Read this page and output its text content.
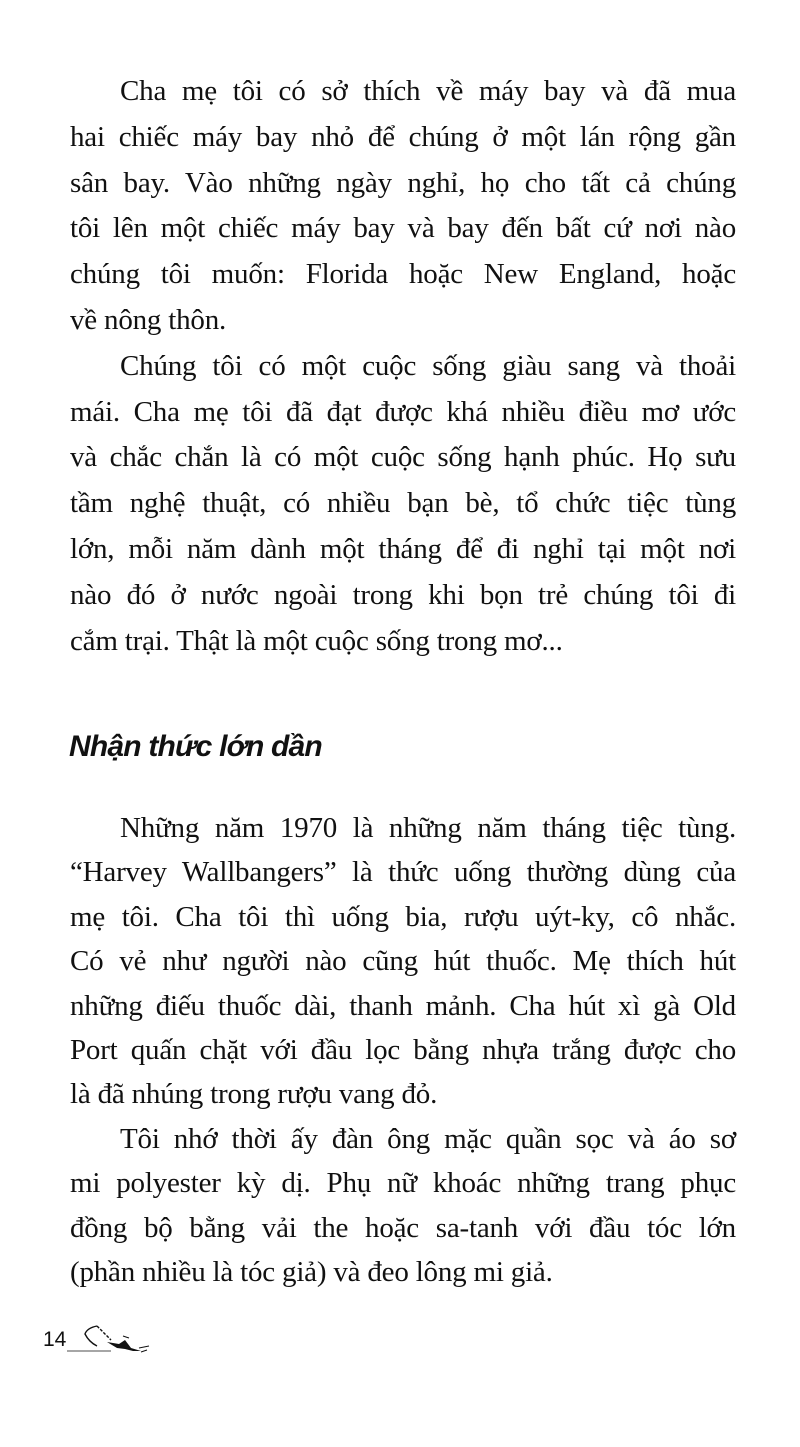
Cha mẹ tôi có sở thích về máy bay và đã mua
hai chiếc máy bay nhỏ để chúng ở một lán rộng gần
sân bay. Vào những ngày nghỉ, họ cho tất cả chúng
tôi lên một chiếc máy bay và bay đến bất cứ nơi nào
chúng tôi muốn: Florida hoặc New England, hoặc
về nông thôn.
Chúng tôi có một cuộc sống giàu sang và thoải
mái. Cha mẹ tôi đã đạt được khá nhiều điều mơ ước
và chắc chắn là có một cuộc sống hạnh phúc. Họ sưu
tầm nghệ thuật, có nhiều bạn bè, tổ chức tiệc tùng
lớn, mỗi năm dành một tháng để đi nghỉ tại một nơi
nào đó ở nước ngoài trong khi bọn trẻ chúng tôi đi
cắm trại. Thật là một cuộc sống trong mơ...
Nhận thức lớn dần
Những năm 1970 là những năm tháng tiệc tùng.
“Harvey Wallbangers” là thức uống thường dùng của
mẹ tôi. Cha tôi thì uống bia, rượu uýt-ky, cô nhắc.
Có vẻ như người nào cũng hút thuốc. Mẹ thích hút
những điếu thuốc dài, thanh mảnh. Cha hút xì gà Old
Port quấn chặt với đầu lọc bằng nhựa trắng được cho
là đã nhúng trong rượu vang đỏ.
Tôi nhớ thời ấy đàn ông mặc quần sọc và áo sơ
mi polyester kỳ dị. Phụ nữ khoác những trang phục
đồng bộ bằng vải the hoặc sa-tanh với đầu tóc lớn
(phần nhiều là tóc giả) và đeo lông mi giả.
14
